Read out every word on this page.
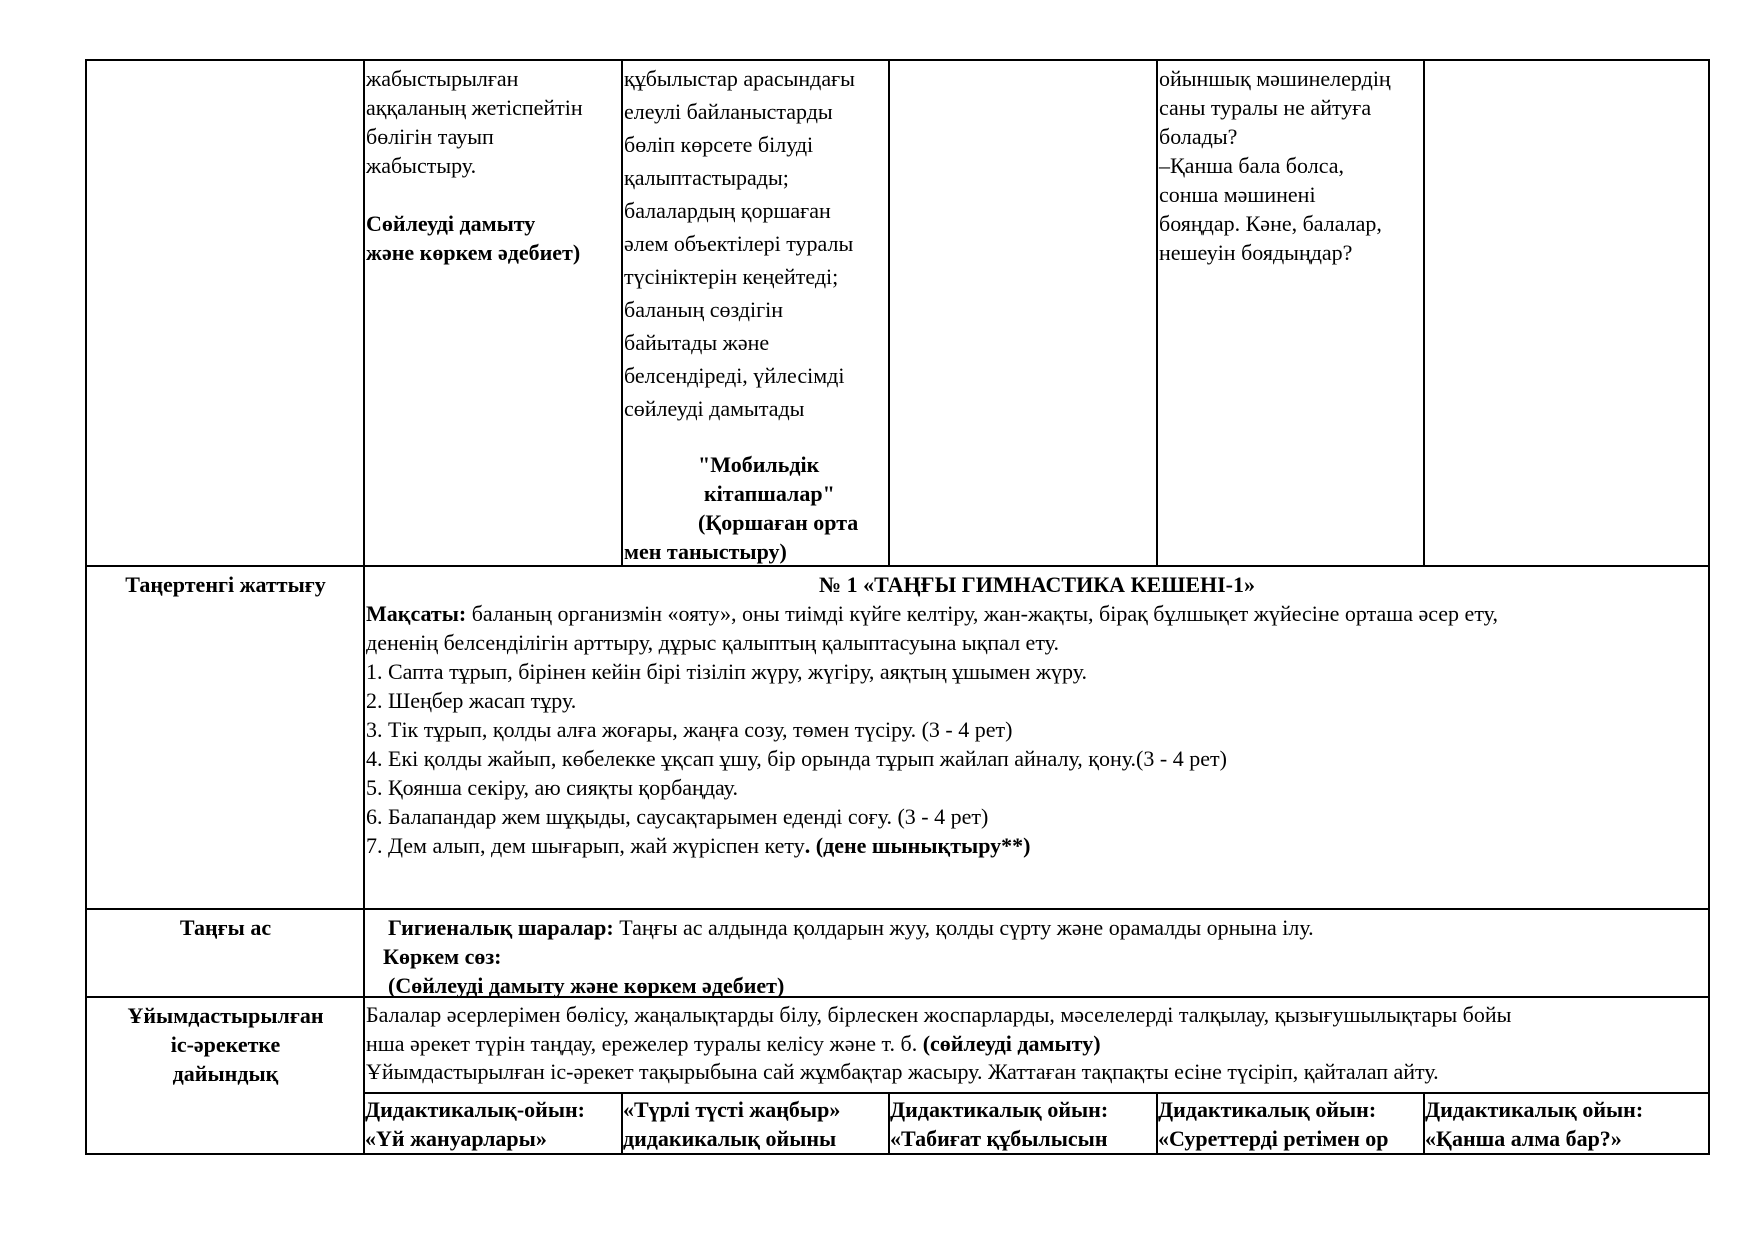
жабыстырылған
аққаланың жетіспейтін
бөлігін тауып
жабыстыру.
Сөйлеуді дамыту
және көркем әдебиет)
құбылыстар арасындағы
елеулі байланыстарды
бөліп көрсете білуді
қалыптастырады;
балалардың қоршаған
әлем объектілері туралы
түсініктерін кеңейтеді;
баланың сөздігін
байытады және
белсендіреді, үйлесімді
сөйлеуді дамытады
"Мобильдік
кітапшалар"
(Қоршаған орта
мен таныстыру)
ойыншық мәшинелердің
саны туралы не айтуға
болады?
–Қанша бала болса,
сонша мәшинені
бояңдар. Кәне, балалар,
нешеуін боядыңдар?
Таңертенгі жаттығу	№ 1 «ТАҢҒЫ ГИМНАСТИКА КЕШЕНІ-1»
Мақсаты: баланың организмін «ояту», оны тиімді күйге келтіру, жан-жақты, бірақ бұлшықет жүйесіне орташа әсер ету,
дененің белсенділігін арттыру, дұрыс қалыптың қалыптасуына ықпал ету.
1. Сапта тұрып, бірінен кейін бірі тізіліп жүру, жүгіру, аяқтың ұшымен жүру.
2. Шеңбер жасап тұру.
3. Тік тұрып, қолды алға жоғары, жаңға созу, төмен түсіру. (3 - 4 рет)
4. Екі қолды жайып, көбелекке ұқсап ұшу, бір орында тұрып жайлап айналу, қону.(3 - 4 рет)
5. Қоянша секіру, аю сияқты қорбаңдау.
6. Балапандар жем шұқыды, саусақтарымен еденді соғу. (3 - 4 рет)
7. Дем алып, дем шығарып, жай жүріспен кету. (дене шынықтыру**)
Таңғы ас	Гигиеналық шаралар: Таңғы ас алдында қолдарын жуу, қолды сүрту және орамалды орнына ілу.
Көркем сөз:
(Сөйлеуді дамыту және көркем әдебиет)
Ұйымдастырылған
іс-әрекетке
дайындық
Балалар әсерлерімен бөлісу, жаңалықтарды білу, бірлескен жоспарларды, мәселелерді талқылау, қызығушылықтары бойы
нша әрекет түрін таңдау, ережелер туралы келісу және т. б. (сөйлеуді дамыту)
Ұйымдастырылған іс-әрекет тақырыбына сай жұмбақтар жасыру. Жаттаған тақпақты есіне түсіріп, қайталап айту.
Дидактикалық-ойын:
«Үй жануарлары»
«Түрлі түсті жаңбыр»
дидакикалық ойыны
Дидактикалық ойын:
«Табиғат құбылысын
Дидактикалық ойын:
«Суреттерді ретімен ор
Дидактикалық ойын:
«Қанша алма бар?»
